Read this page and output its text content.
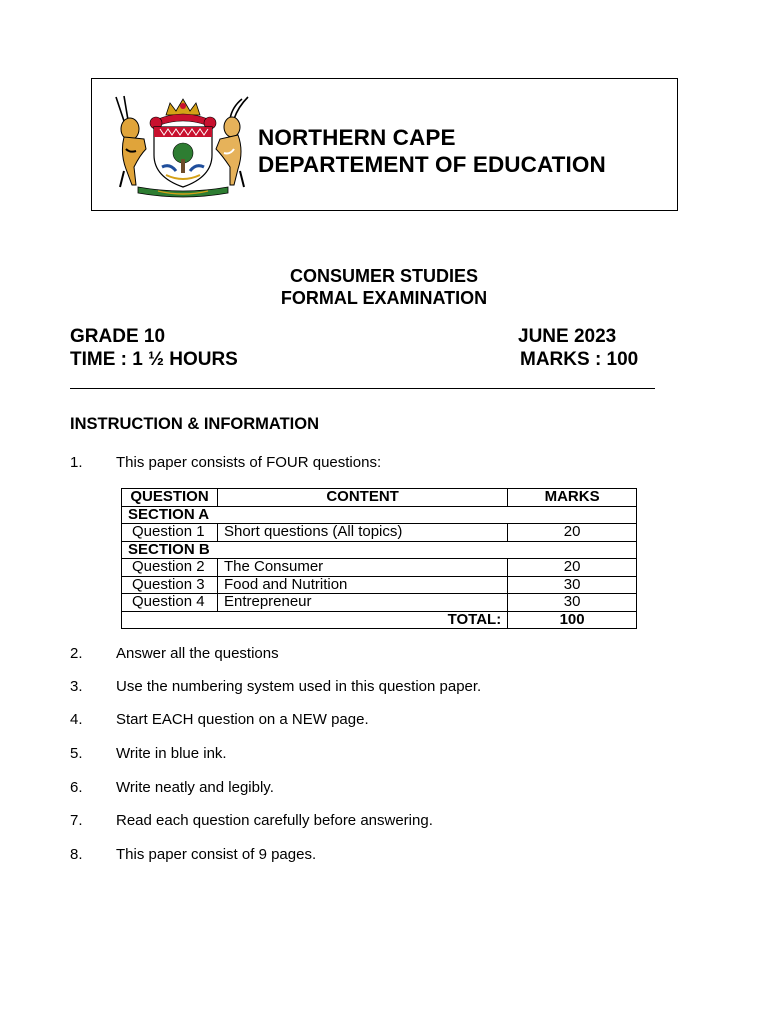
NORTHERN CAPE
DEPARTEMENT OF EDUCATION
CONSUMER STUDIES
FORMAL EXAMINATION
GRADE 10	JUNE 2023
TIME : 1 ½ HOURS	MARKS : 100
INSTRUCTION & INFORMATION
1.	This paper consists of FOUR questions:
QUESTION	CONTENT	MARKS
SECTION A		
Question 1	Short questions (All topics)	20
SECTION B		
Question 2	The Consumer	20
Question 3	Food and Nutrition	30
Question 4	Entrepreneur	30
TOTAL:		100
2.	Answer all the questions
3.	Use the numbering system used in this question paper.
4.	Start EACH question on a NEW page.
5.	Write in blue ink.
6.	Write neatly and legibly.
7.	Read each question carefully before answering.
8.	This paper consist of 9 pages.
